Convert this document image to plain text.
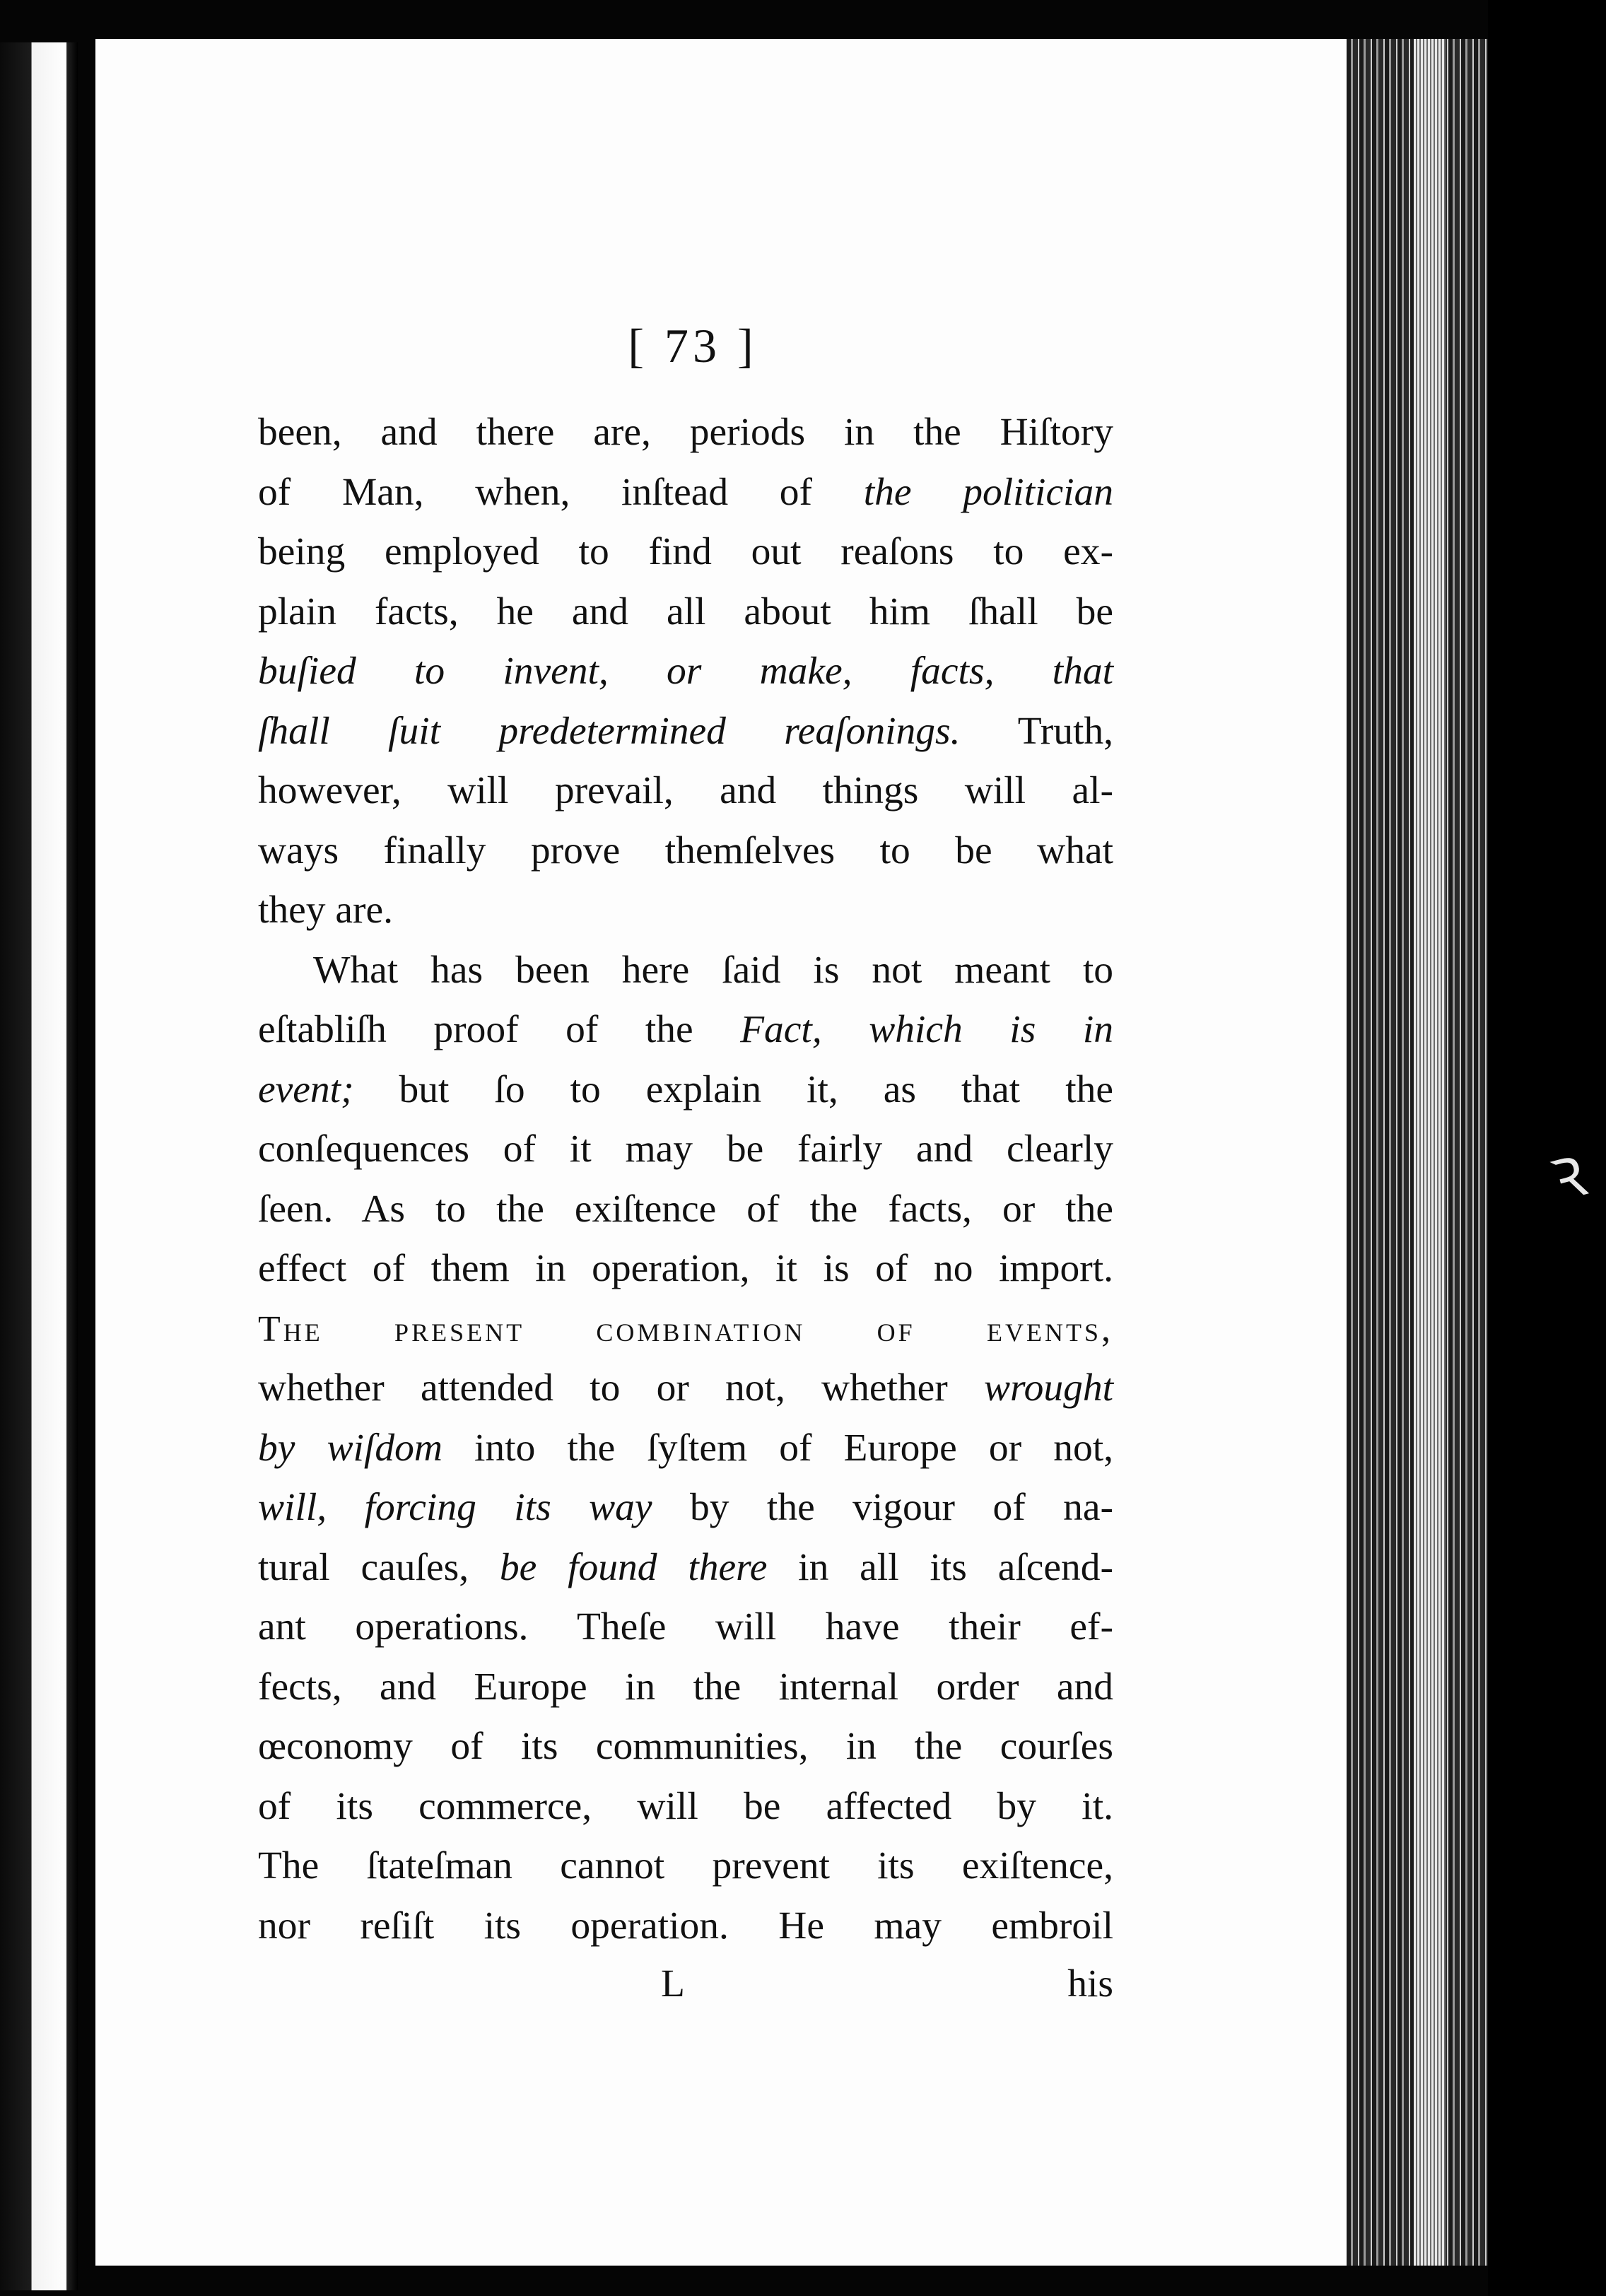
Ꝛ
[ 73 ]
been, and there are, periods in the Hiſtory
of Man, when, inſtead of the politician
being employed to find out reaſons to ex-
plain facts, he and all about him ſhall be
buſied to invent, or make, facts, that
ſhall ſuit predetermined reaſonings. Truth,
however, will prevail, and things will al-
ways finally prove themſelves to be what
they are.
What has been here ſaid is not meant to
eſtabliſh proof of the Fact, which is in
event; but ſo to explain it, as that the
conſequences of it may be fairly and clearly
ſeen. As to the exiſtence of the facts, or the
effect of them in operation, it is of no import.
The present combination of events,
whether attended to or not, whether wrought
by wiſdom into the ſyſtem of Europe or not,
will, forcing its way by the vigour of na-
tural cauſes, be found there in all its aſcend-
ant operations. Theſe will have their ef-
fects, and Europe in the internal order and
œconomy of its communities, in the courſes
of its commerce, will be affected by it.
The ſtateſman cannot prevent its exiſtence,
nor reſiſt its operation. He may embroil
L	his
